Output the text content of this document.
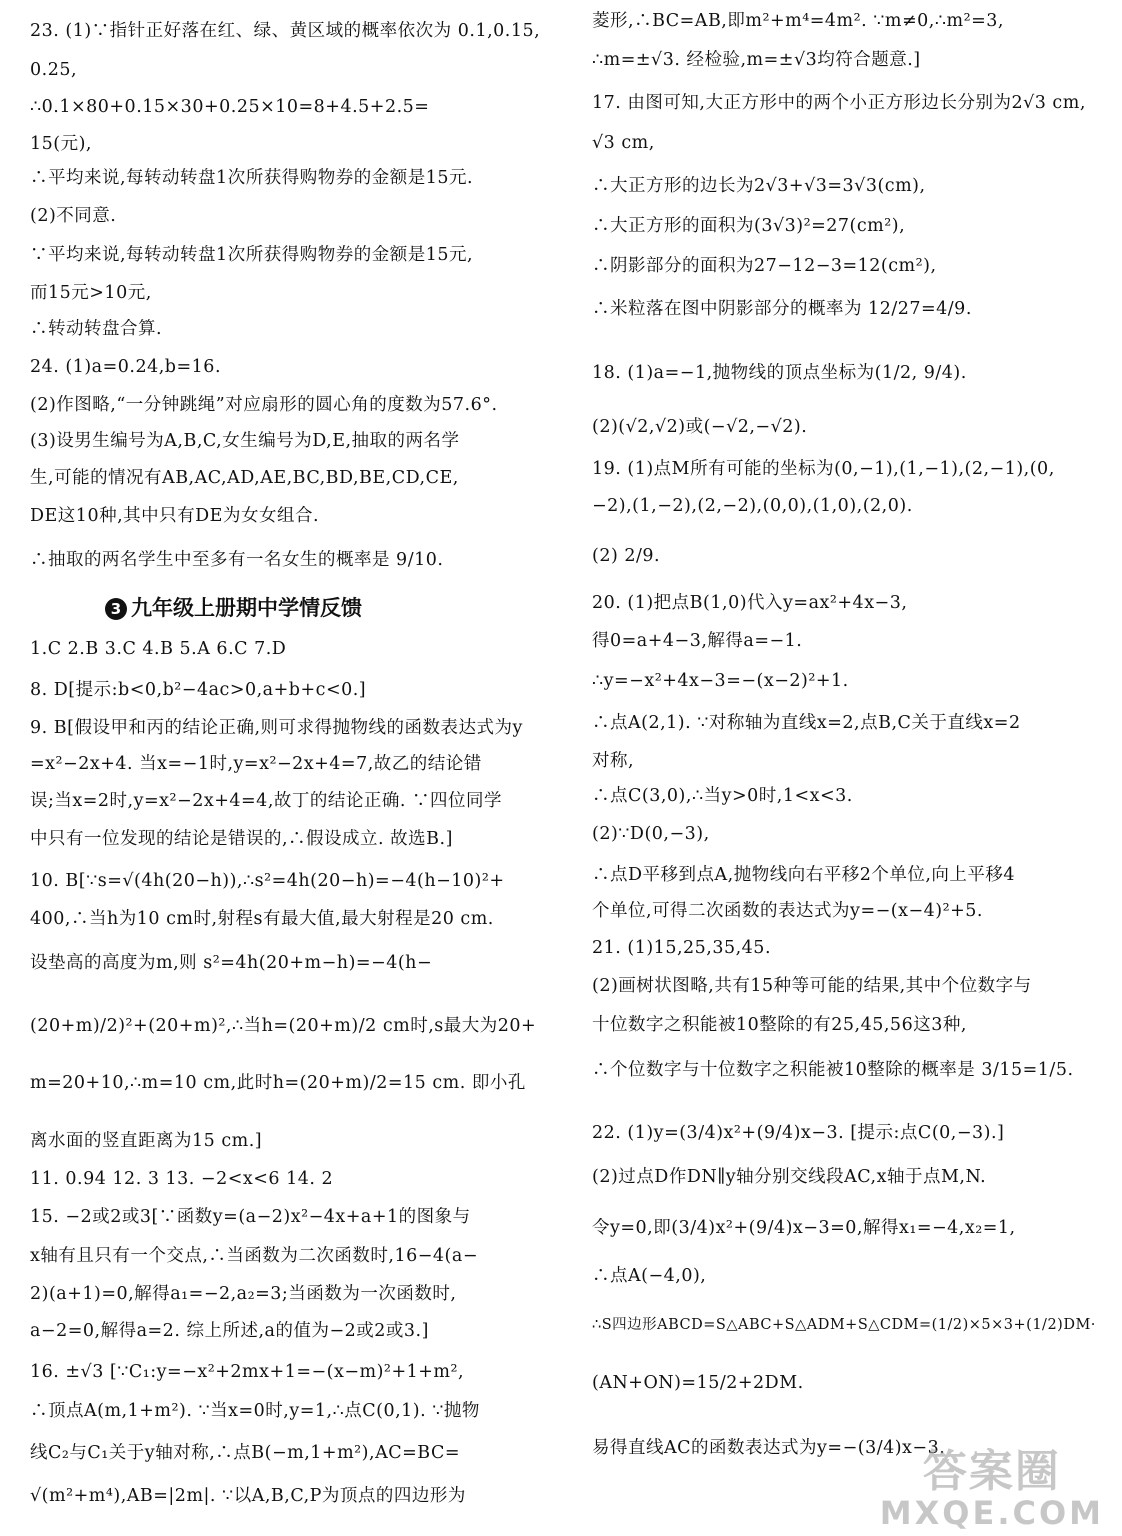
23. (1)∵指针正好落在红、绿、黄区域的概率依次为 0.1,0.15,
0.25,
∴0.1×80+0.15×30+0.25×10=8+4.5+2.5=
15(元),
∴平均来说,每转动转盘1次所获得购物券的金额是15元.
(2)不同意.
∵平均来说,每转动转盘1次所获得购物券的金额是15元,
而15元>10元,
∴转动转盘合算.
24. (1)a=0.24,b=16.
(2)作图略,“一分钟跳绳”对应扇形的圆心角的度数为57.6°.
(3)设男生编号为A,B,C,女生编号为D,E,抽取的两名学
生,可能的情况有AB,AC,AD,AE,BC,BD,BE,CD,CE,
DE这10种,其中只有DE为女女组合.
∴抽取的两名学生中至多有一名女生的概率是 9/10.
1.C 2.B 3.C 4.B 5.A 6.C 7.D
8. D[提示:b<0,b²−4ac>0,a+b+c<0.]
9. B[假设甲和丙的结论正确,则可求得抛物线的函数表达式为y
=x²−2x+4. 当x=−1时,y=x²−2x+4=7,故乙的结论错
误;当x=2时,y=x²−2x+4=4,故丁的结论正确. ∵四位同学
中只有一位发现的结论是错误的,∴假设成立. 故选B.]
10. B[∵s=√(4h(20−h)),∴s²=4h(20−h)=−4(h−10)²+
400,∴当h为10 cm时,射程s有最大值,最大射程是20 cm.
设垫高的高度为m,则 s²=4h(20+m−h)=−4(h−
(20+m)/2)²+(20+m)²,∴当h=(20+m)/2 cm时,s最大为20+
m=20+10,∴m=10 cm,此时h=(20+m)/2=15 cm. 即小孔
离水面的竖直距离为15 cm.]
11. 0.94 12. 3 13. −2<x<6 14. 2
15. −2或2或3[∵函数y=(a−2)x²−4x+a+1的图象与
x轴有且只有一个交点,∴当函数为二次函数时,16−4(a−
2)(a+1)=0,解得a₁=−2,a₂=3;当函数为一次函数时,
a−2=0,解得a=2. 综上所述,a的值为−2或2或3.]
16. ±√3 [∵C₁:y=−x²+2mx+1=−(x−m)²+1+m²,
∴顶点A(m,1+m²). ∵当x=0时,y=1,∴点C(0,1). ∵抛物
线C₂与C₁关于y轴对称,∴点B(−m,1+m²),AC=BC=
√(m²+m⁴),AB=|2m|. ∵以A,B,C,P为顶点的四边形为
3 九年级上册期中学情反馈
菱形,∴BC=AB,即m²+m⁴=4m². ∵m≠0,∴m²=3,
∴m=±√3. 经检验,m=±√3均符合题意.]
17. 由图可知,大正方形中的两个小正方形边长分别为2√3 cm,
√3 cm,
∴大正方形的边长为2√3+√3=3√3(cm),
∴大正方形的面积为(3√3)²=27(cm²),
∴阴影部分的面积为27−12−3=12(cm²),
∴米粒落在图中阴影部分的概率为 12/27=4/9.
18. (1)a=−1,抛物线的顶点坐标为(1/2, 9/4).
(2)(√2,√2)或(−√2,−√2).
19. (1)点M所有可能的坐标为(0,−1),(1,−1),(2,−1),(0,
−2),(1,−2),(2,−2),(0,0),(1,0),(2,0).
(2) 2/9.
20. (1)把点B(1,0)代入y=ax²+4x−3,
得0=a+4−3,解得a=−1.
∴y=−x²+4x−3=−(x−2)²+1.
∴点A(2,1). ∵对称轴为直线x=2,点B,C关于直线x=2
对称,
∴点C(3,0),∴当y>0时,1<x<3.
(2)∵D(0,−3),
∴点D平移到点A,抛物线向右平移2个单位,向上平移4
个单位,可得二次函数的表达式为y=−(x−4)²+5.
21. (1)15,25,35,45.
(2)画树状图略,共有15种等可能的结果,其中个位数字与
十位数字之积能被10整除的有25,45,56这3种,
∴个位数字与十位数字之积能被10整除的概率是 3/15=1/5.
22. (1)y=(3/4)x²+(9/4)x−3. [提示:点C(0,−3).]
(2)过点D作DN∥y轴分别交线段AC,x轴于点M,N.
令y=0,即(3/4)x²+(9/4)x−3=0,解得x₁=−4,x₂=1,
∴点A(−4,0),
∴S四边形ABCD=S△ABC+S△ADM+S△CDM=(1/2)×5×3+(1/2)DM·
(AN+ON)=15/2+2DM.
易得直线AC的函数表达式为y=−(3/4)x−3.
答案圈
MXQE.COM
